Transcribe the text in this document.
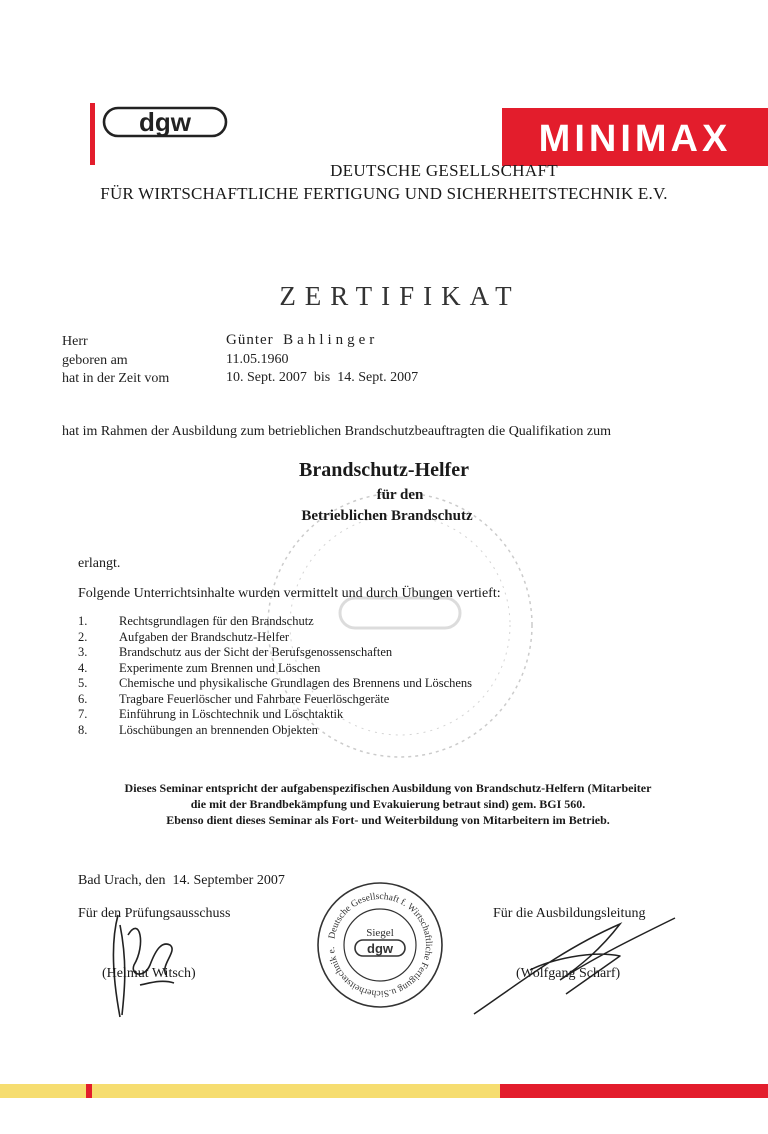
dgw	MINIMAX
DEUTSCHE GESELLSCHAFT
FÜR WIRTSCHAFTLICHE FERTIGUNG UND SICHERHEITSTECHNIK E.V.
ZERTIFIKAT
Herr	Günter Bahlinger
geboren am	11.05.1960
hat in der Zeit vom	10. Sept. 2007  bis  14. Sept. 2007
hat im Rahmen der Ausbildung zum betrieblichen Brandschutzbeauftragten die Qualifikation zum
Brandschutz-Helfer
für den
Betrieblichen Brandschutz
erlangt.
Folgende Unterrichtsinhalte wurden vermittelt und durch Übungen vertieft:
1.	Rechtsgrundlagen für den Brandschutz
2.	Aufgaben der Brandschutz-Helfer
3.	Brandschutz aus der Sicht der Berufsgenossenschaften
4.	Experimente zum Brennen und Löschen
5.	Chemische und physikalische Grundlagen des Brennens und Löschens
6.	Tragbare Feuerlöscher und Fahrbare Feuerlöschgeräte
7.	Einführung in Löschtechnik und Löschtaktik
8.	Löschübungen an brennenden Objekten
Dieses Seminar entspricht der aufgabenspezifischen Ausbildung von Brandschutz-Helfern (Mitarbeiter
die mit der Brandbekämpfung und Evakuierung betraut sind) gem. BGI 560.
Ebenso dient dieses Seminar als Fort- und Weiterbildung von Mitarbeitern im Betrieb.
Bad Urach, den  14. September 2007
Für den Prüfungsausschuss	Für die Ausbildungsleitung
(Helmut Witsch)	(Wolfgang Scharf)
Deutsche Gesellschaft f. Wirtschaftliche Fertigung u.Sicherheitstechnik e.
Siegel
dgw
